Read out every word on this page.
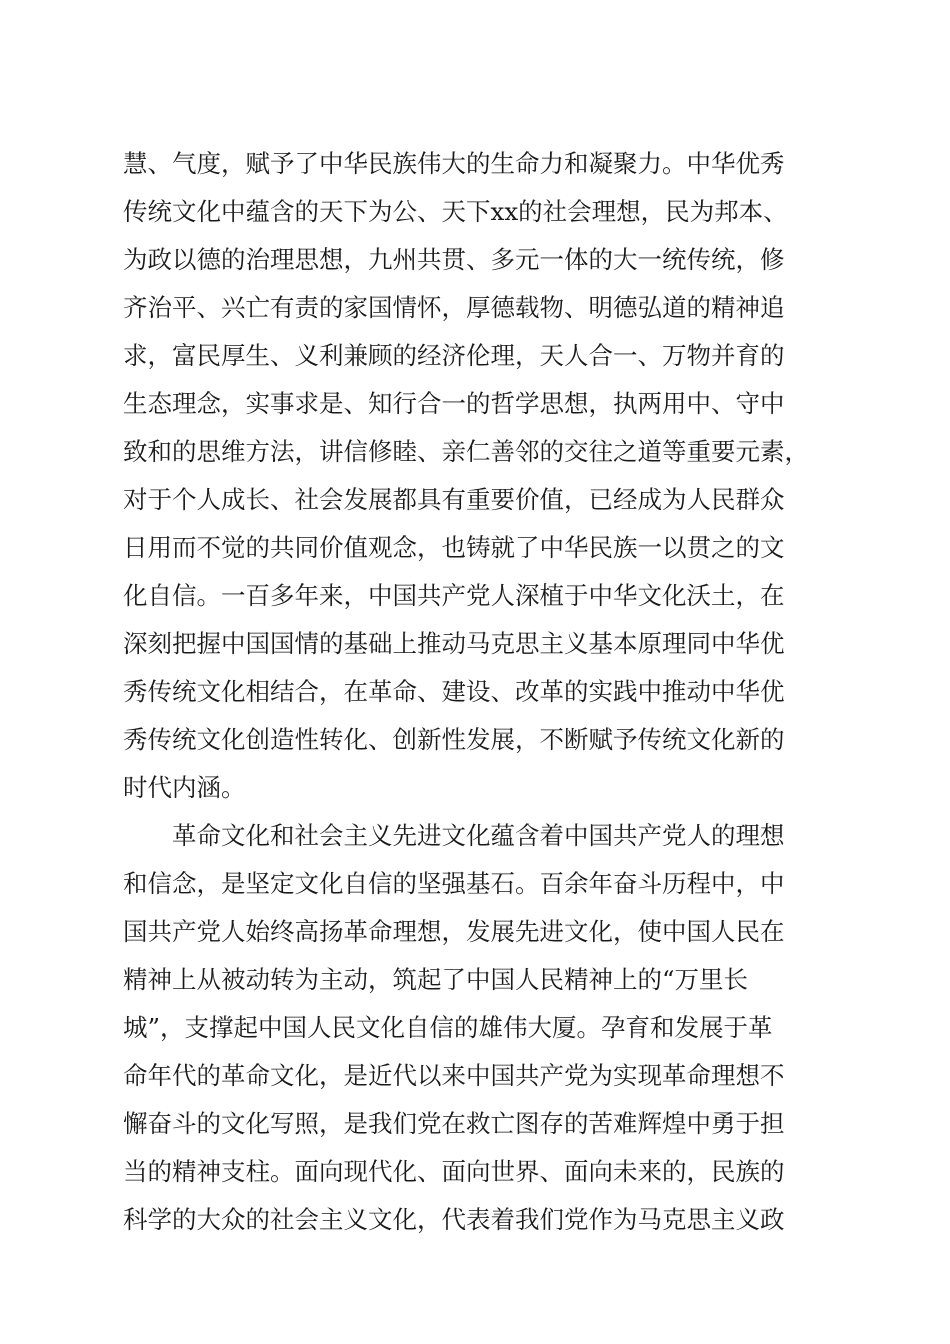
慧、气度，赋予了中华民族伟大的生命力和凝聚力。中华优秀
传统文化中蕴含的天下为公、天下xx的社会理想，民为邦本、
为政以德的治理思想，九州共贯、多元一体的大一统传统，修
齐治平、兴亡有责的家国情怀，厚德载物、明德弘道的精神追
求，富民厚生、义利兼顾的经济伦理，天人合一、万物并育的
生态理念，实事求是、知行合一的哲学思想，执两用中、守中
致和的思维方法，讲信修睦、亲仁善邻的交往之道等重要元素，
对于个人成长、社会发展都具有重要价值，已经成为人民群众
日用而不觉的共同价值观念，也铸就了中华民族一以贯之的文
化自信。一百多年来，中国共产党人深植于中华文化沃土，在
深刻把握中国国情的基础上推动马克思主义基本原理同中华优
秀传统文化相结合，在革命、建设、改革的实践中推动中华优
秀传统文化创造性转化、创新性发展，不断赋予传统文化新的
时代内涵。
革命文化和社会主义先进文化蕴含着中国共产党人的理想
和信念，是坚定文化自信的坚强基石。百余年奋斗历程中，中
国共产党人始终高扬革命理想，发展先进文化，使中国人民在
精神上从被动转为主动，筑起了中国人民精神上的“万里长
城”，支撑起中国人民文化自信的雄伟大厦。孕育和发展于革
命年代的革命文化，是近代以来中国共产党为实现革命理想不
懈奋斗的文化写照，是我们党在救亡图存的苦难辉煌中勇于担
当的精神支柱。面向现代化、面向世界、面向未来的，民族的
科学的大众的社会主义文化，代表着我们党作为马克思主义政
